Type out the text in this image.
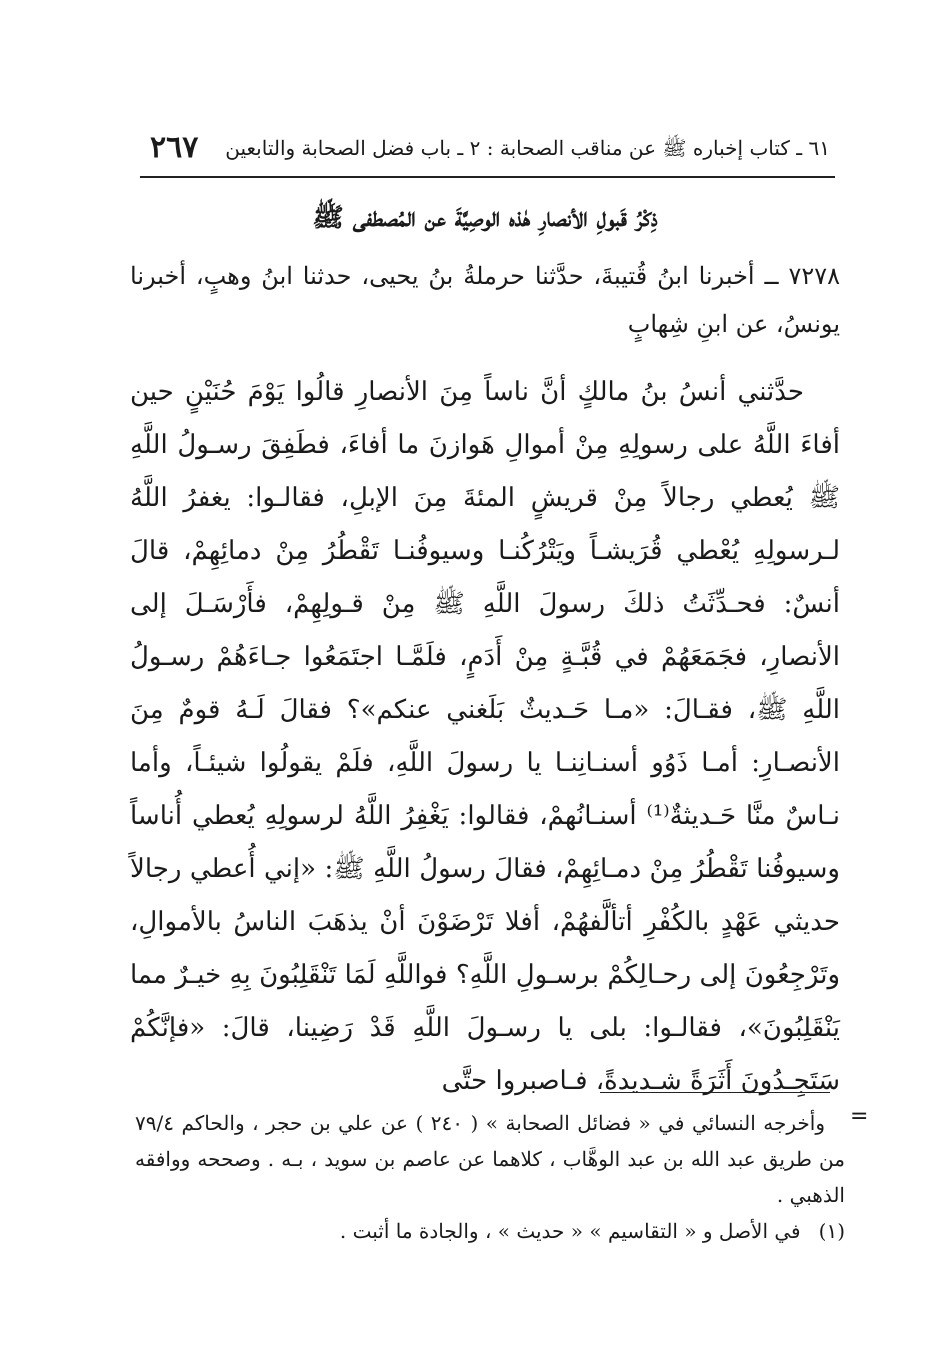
٦١ ـ كتاب إخباره ﷺ عن مناقب الصحابة : ٢ ـ باب فضل الصحابة والتابعين
٢٦٧
ذِكْرُ قَبولِ الأنصارِ هٰذه الوصِيَّةَ عن المُصطفى ﷺ

٧٢٧٨ ــ أخبرنا ابنُ قُتيبةَ، حدَّثنا حرملةُ بنُ يحيى، حدثنا ابنُ وهبٍ، أخبرنا يونسُ، عن ابنِ شِهابٍ

حدَّثني أنسُ بنُ مالكٍ أنَّ ناساً مِنَ الأنصارِ قالُوا يَوْمَ حُنَيْنٍ حين أفاءَ اللَّهُ على رسولِهِ مِنْ أموالِ هَوازنَ ما أفاءَ، فطَفِقَ رسـولُ اللَّهِ ﷺ يُعطي رجالاً مِنْ قريشٍ المئةَ مِنَ الإبلِ، فقالـوا: يغفرُ اللَّهُ لـرسولِهِ يُعْطي قُرَيشـاً ويَتْرُكُنـا وسيوفُنـا تَقْطُرُ مِنْ دمائِهِمْ، قالَ أنسٌ: فحـدِّثَتُ ذلكَ رسولَ اللَّهِ ﷺ مِنْ قـولِهِمْ، فأَرْسَـلَ إلى الأنصارِ، فجَمَعَهُمْ في قُبَّـةٍ مِنْ أَدَمٍ، فلَمَّـا اجتَمَعُوا جـاءَهُمْ رسـولُ اللَّهِ ﷺ، فقـالَ: «مـا حَـديثٌ بَلَغني عنكم»؟ فقالَ لَـهُ قومٌ مِنَ الأنصـارِ: أمـا ذَوُو أسنـانِنـا يا رسولَ اللَّهِ، فلَمْ يقولُوا شيئـاً، وأما نـاسٌ منَّا حَـديثةٌ⁽¹⁾ أسنـانُهمْ، فقالوا: يَغْفِرُ اللَّهُ لرسولِهِ يُعطي أُناساً وسيوفُنا تَقْطُرُ مِنْ دمـائِهِمْ، فقالَ رسولُ اللَّهِ ﷺ: «إني أُعطي رجالاً حديثي عَهْدٍ بالكُفْرِ أتألَّفهُمْ، أفلا تَرْضَوْنَ أنْ يذهَبَ الناسُ بالأموالِ، وتَرْجِعُونَ إلى رحـالِكُمْ برسـولِ اللَّهِ؟ فواللَّهِ لَمَا تَنْقَلِبُونَ بِهِ خيـرٌ مما يَنْقَلِبُونَ»، فقالـوا: بلى يا رسـولَ اللَّهِ قَدْ رَضِينا، قالَ: «فإنَّكُمْ سَتَجِـدُونَ أَثَرَةً شـديدةً، فـاصبروا حتَّى

=

وأخرجه النسائي في « فضائل الصحابة » ( ٢٤٠ ) عن علي بن حجر ، والحاكم ٧٩/٤ من طريق عبد الله بن عبد الوهَّاب ، كلاهما عن عاصم بن سويد ، بـه . وصححه ووافقه الذهبي .

(١)في الأصل و « التقاسيم » « حديث » ، والجادة ما أثبت .
